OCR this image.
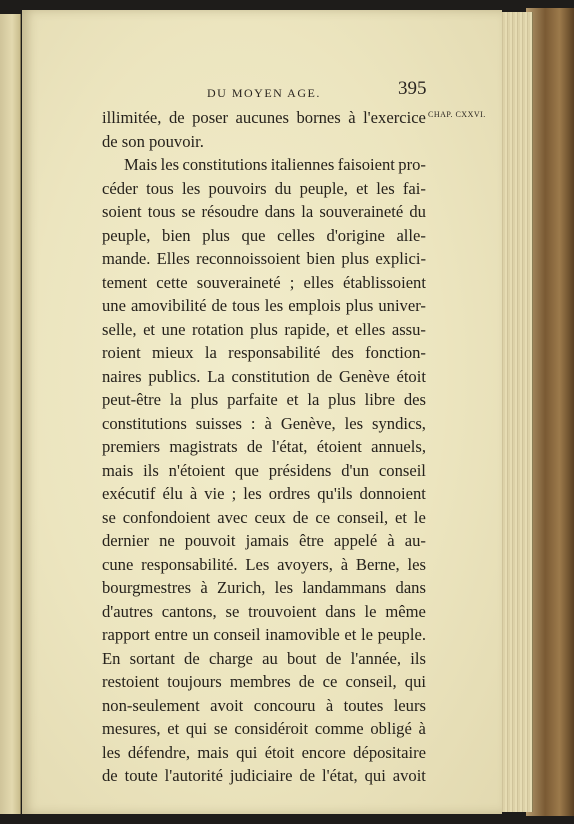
DU MOYEN AGE.	395
CHAP. CXXVI.
illimitée, de poser aucunes bornes à l'exercice
de son pouvoir.
Mais les constitutions italiennes faisoient pro-
céder tous les pouvoirs du peuple, et les fai-
soient tous se résoudre dans la souveraineté du
peuple, bien plus que celles d'origine alle-
mande. Elles reconnoissoient bien plus explici-
tement cette souveraineté ; elles établissoient
une amovibilité de tous les emplois plus univer-
selle, et une rotation plus rapide, et elles assu-
roient mieux la responsabilité des fonction-
naires publics. La constitution de Genève étoit
peut-être la plus parfaite et la plus libre des
constitutions suisses : à Genève, les syndics,
premiers magistrats de l'état, étoient annuels,
mais ils n'étoient que présidens d'un conseil
exécutif élu à vie ; les ordres qu'ils donnoient
se confondoient avec ceux de ce conseil, et le
dernier ne pouvoit jamais être appelé à au-
cune responsabilité. Les avoyers, à Berne, les
bourgmestres à Zurich, les landammans dans
d'autres cantons, se trouvoient dans le même
rapport entre un conseil inamovible et le peuple.
En sortant de charge au bout de l'année, ils
restoient toujours membres de ce conseil, qui
non-seulement avoit concouru à toutes leurs
mesures, et qui se considéroit comme obligé à
les défendre, mais qui étoit encore dépositaire
de toute l'autorité judiciaire de l'état, qui avoit
